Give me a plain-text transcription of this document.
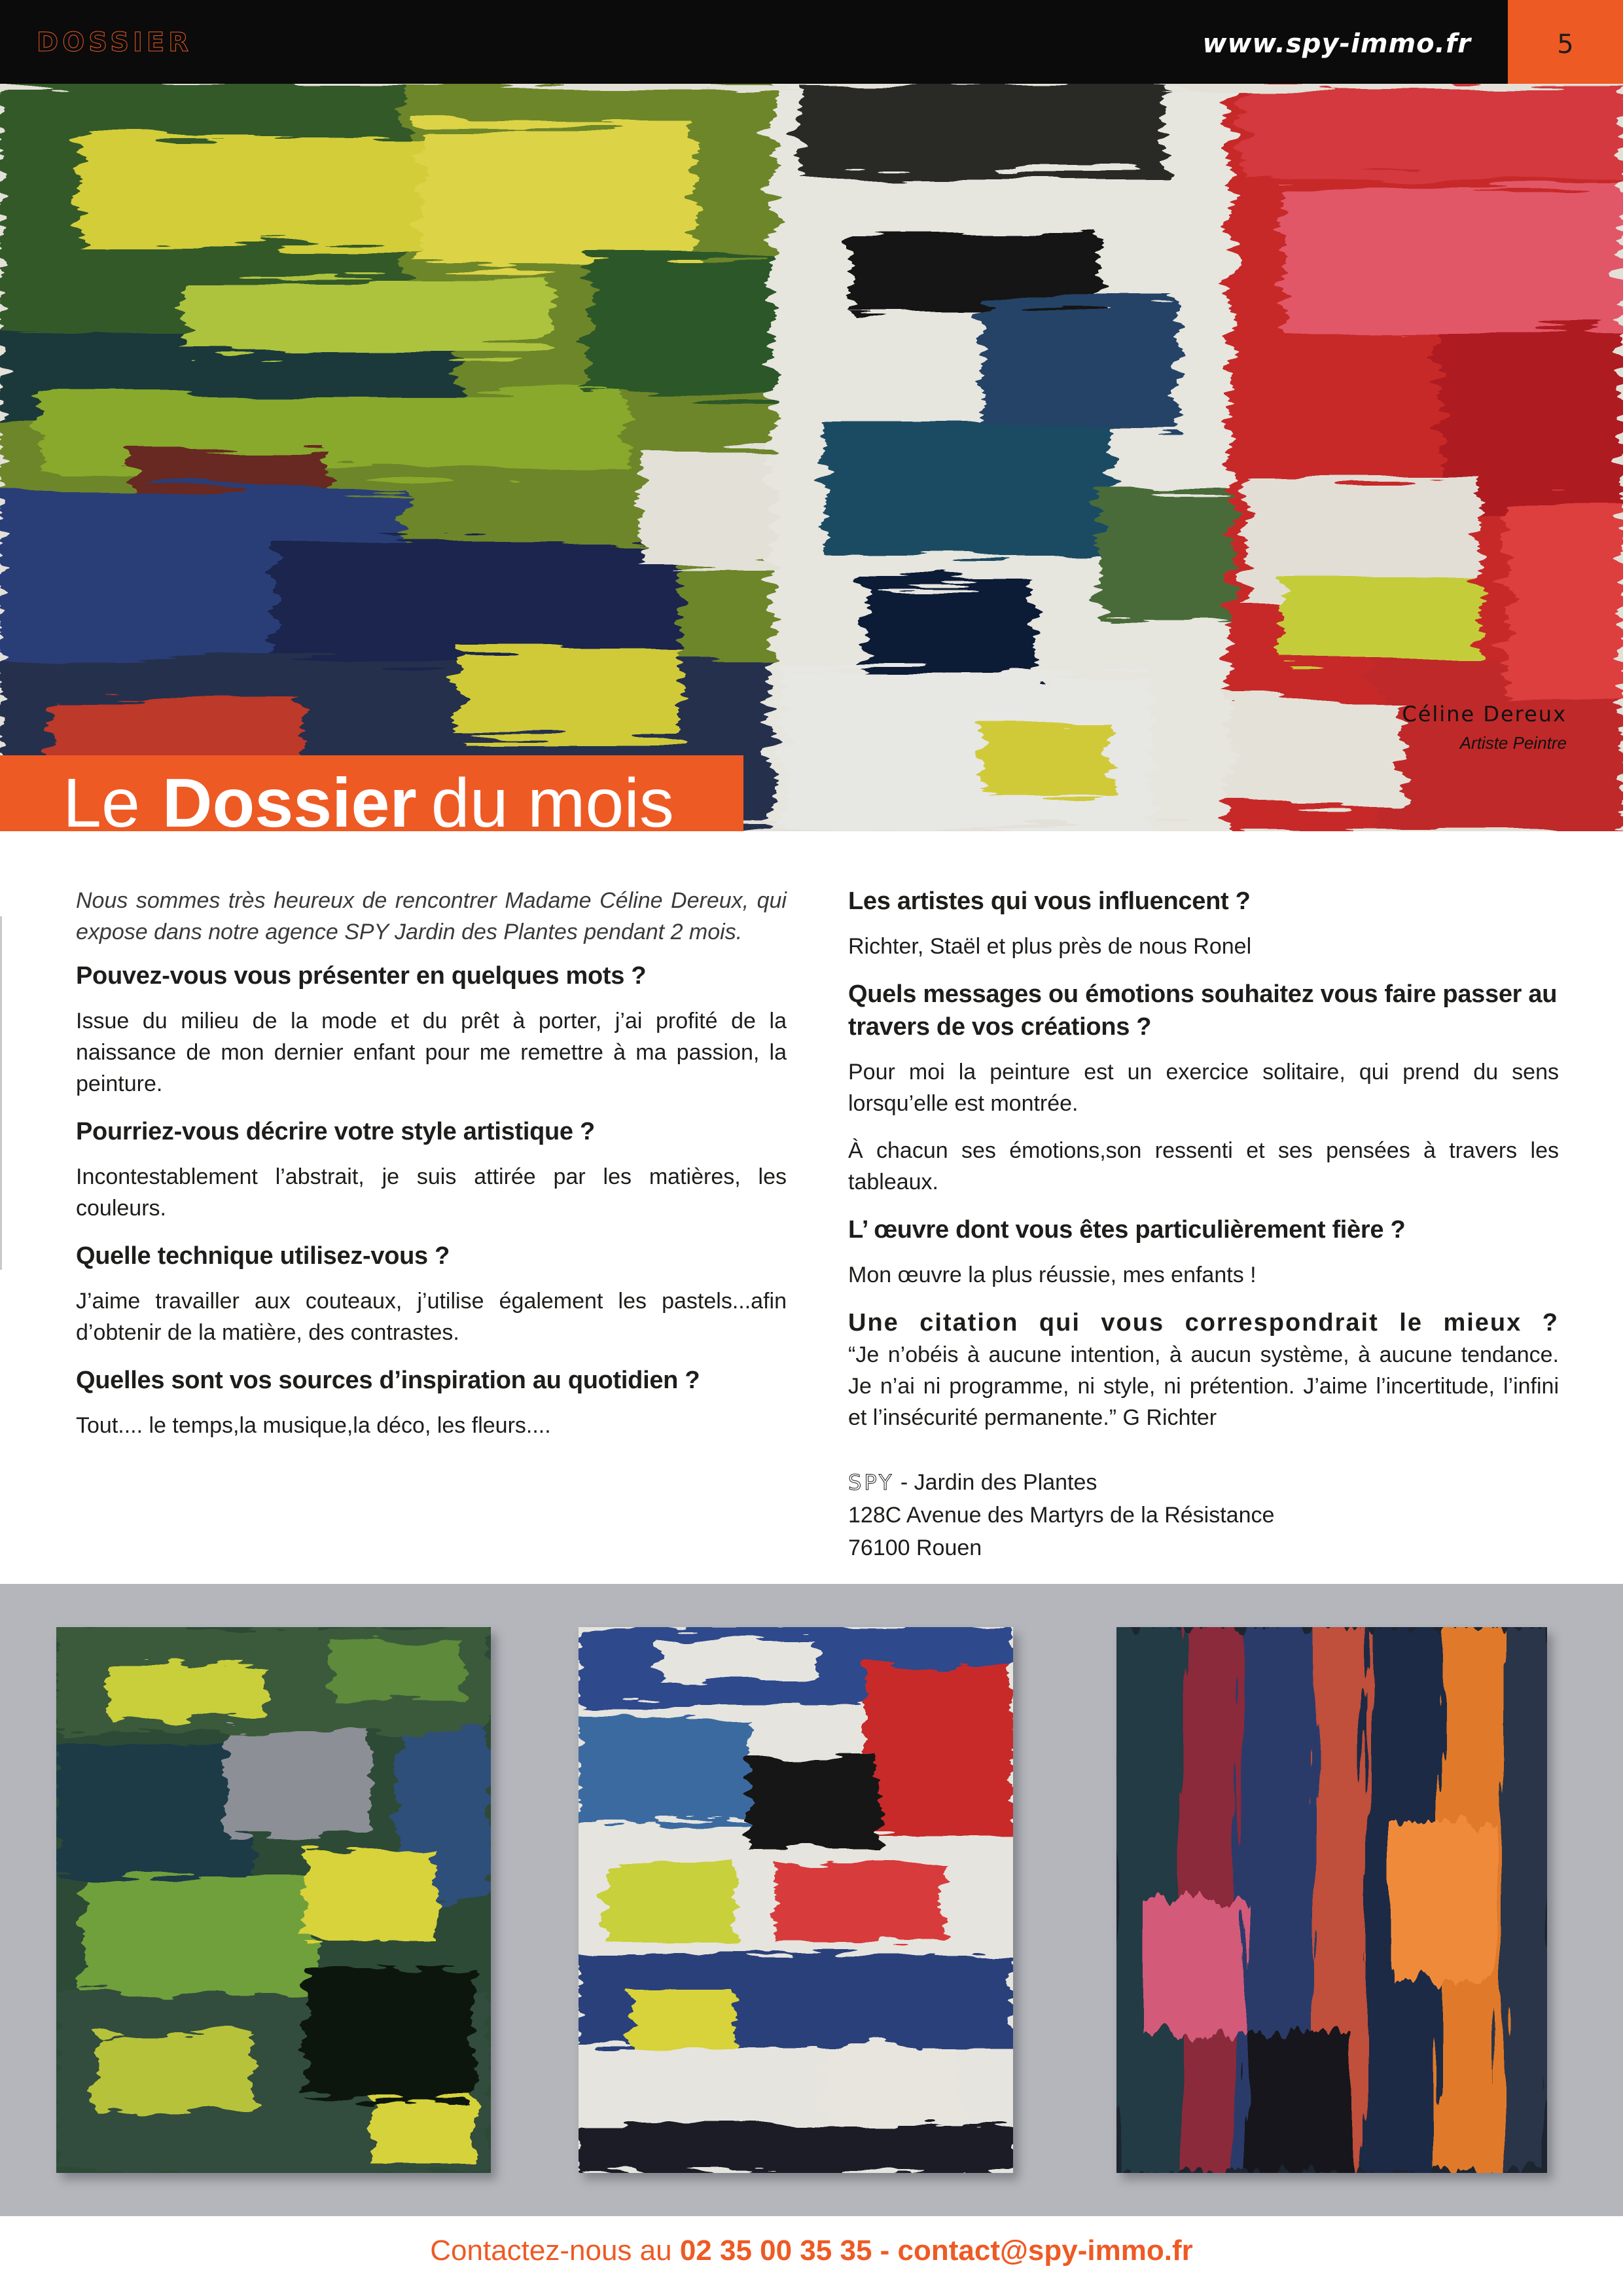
DOSSIER	www.spy-immo.fr	5
Céline Dereux
Artiste Peintre
Le Dossier du mois

Nous sommes très heureux de rencontrer Madame Céline Dereux, qui expose dans notre agence SPY Jardin des Plantes pendant 2 mois.

Pouvez-vous vous présenter en quelques mots ?

Issue du milieu de la mode et du prêt à porter, j’ai profité de la naissance de mon dernier enfant pour me remettre à ma passion, la peinture.

Pourriez-vous décrire votre style artistique ?

Incontestablement l’abstrait, je suis attirée par les matières, les couleurs.

Quelle technique utilisez-vous ?

J’aime travailler aux couteaux, j’utilise également les pastels...afin d’obtenir de la matière, des contrastes.

Quelles sont vos sources d’inspiration au quotidien ?

Tout.... le temps,la musique,la déco, les fleurs....

Les artistes qui vous influencent ?

Richter, Staël et plus près de nous Ronel

Quels messages ou émotions souhaitez vous faire passer au travers de vos créations ?

Pour moi la peinture est un exercice solitaire, qui prend du sens lorsqu’elle est montrée.

À chacun ses émotions,son ressenti et ses pensées à travers les tableaux.

L’ œuvre dont vous êtes particulièrement fière ?

Mon œuvre la plus réussie, mes enfants !

Une citation qui vous correspondrait le mieux ?

“Je n’obéis à aucune intention, à aucun système, à aucune tendance. Je n’ai ni programme, ni style, ni prétention. J’aime l’incertitude, l’infini et l’insécurité permanente.” G Richter

SPY - Jardin des Plantes
128C Avenue des Martyrs de la Résistance
76100 Rouen
Contactez-nous au 02 35 00 35 35 - contact@spy-immo.fr
